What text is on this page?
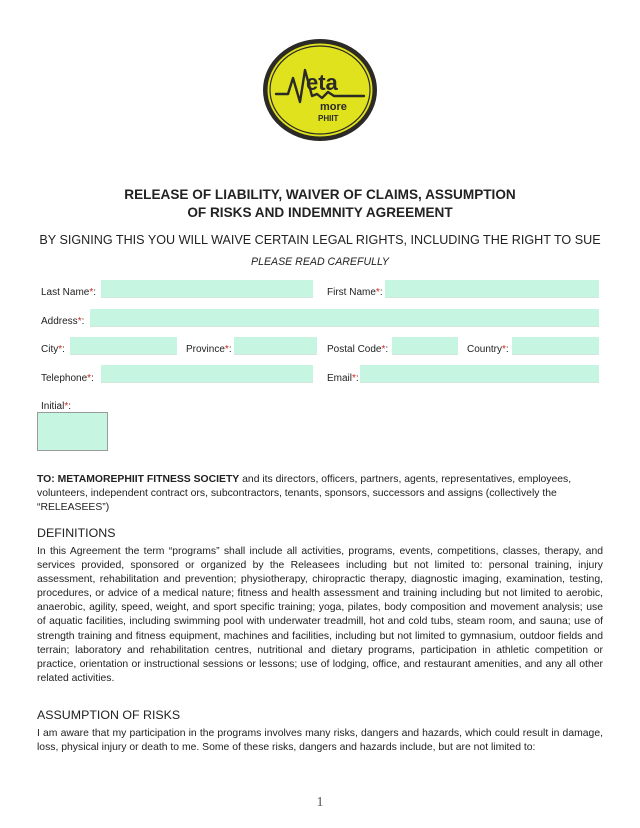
eta
more
PHIIT
RELEASE OF LIABILITY, WAIVER OF CLAIMS, ASSUMPTION
OF RISKS AND INDEMNITY AGREEMENT
BY SIGNING THIS YOU WILL WAIVE CERTAIN LEGAL RIGHTS, INCLUDING THE RIGHT TO SUE
PLEASE READ CAREFULLY
Last Name*:	First Name*:
Address*:
City*:	Province*:	Postal Code*:	Country*:
Telephone*:	Email*:
Initial*:
TO: METAMOREPHIIT FITNESS SOCIETY and its directors, officers, partners, agents, representatives, employees, volunteers, independent contract ors, subcontractors, tenants, sponsors, successors and assigns (collectively the “RELEASEES”)
DEFINITIONS
In this Agreement the term “programs” shall include all activities, programs, events, competitions, classes, therapy, and services provided, sponsored or organized by the Releasees including but not limited to: personal training, injury assessment, rehabilitation and prevention; physiotherapy, chiropractic therapy, diagnostic imaging, examination, testing, procedures, or advice of a medical nature; fitness and health assessment and training including but not limited to aerobic, anaerobic, agility, speed, weight, and sport specific training; yoga, pilates, body composition and movement analysis; use of aquatic facilities, including swimming pool with underwater treadmill, hot and cold tubs, steam room, and sauna; use of strength training and fitness equipment, machines and facilities, including but not limited to gymnasium, outdoor fields and terrain; laboratory and rehabilitation centres, nutritional and dietary programs, participation in athletic competition or practice, orientation or instructional sessions or lessons; use of lodging, office, and restaurant amenities, and any all other related activities.
ASSUMPTION OF RISKS
I am aware that my participation in the programs involves many risks, dangers and hazards, which could result in damage, loss, physical injury or death to me. Some of these risks, dangers and hazards include, but are not limited to:
1
